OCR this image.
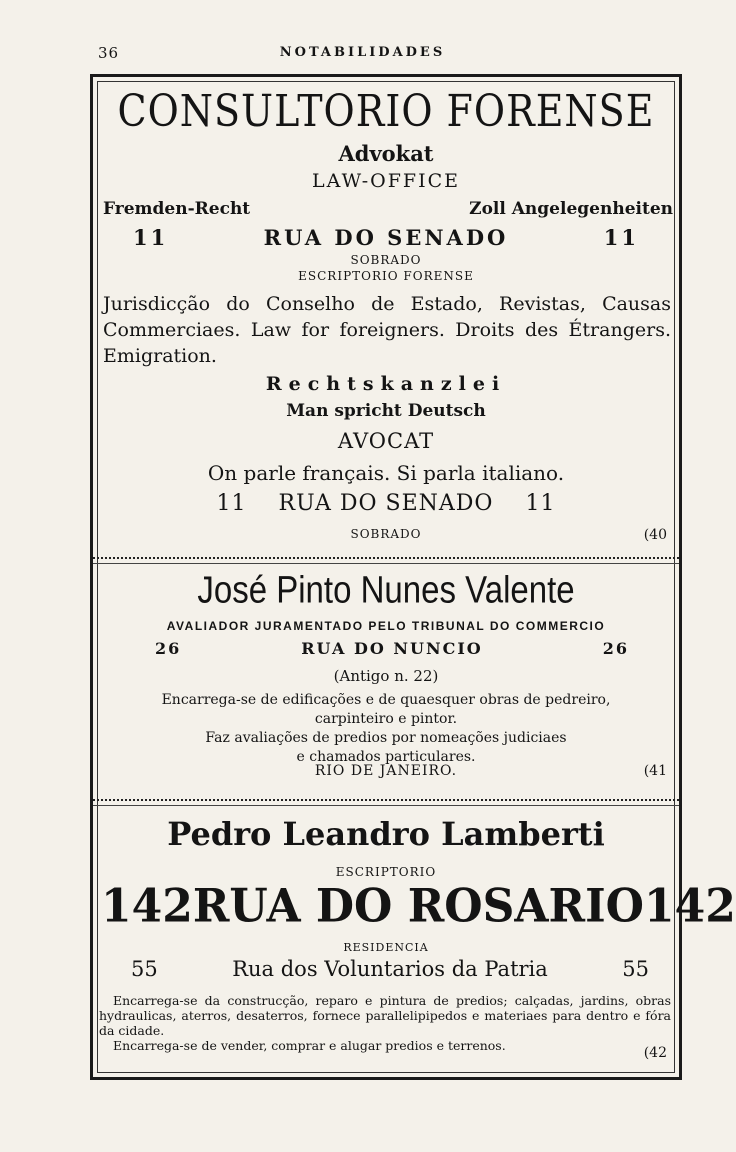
36	NOTABILIDADES
CONSULTORIO FORENSE
Advokat
LAW-OFFICE
Fremden-Recht	Zoll Angelegenheiten
11	RUA DO SENADO	11
SOBRADO
ESCRIPTORIO FORENSE
Jurisdicção do Conselho de Estado, Revistas, Causas Commerciaes. Law for foreigners. Droits des Étrangers. Emigration.
Rechtskanzlei
Man spricht Deutsch
AVOCAT
On parle français. Si parla italiano.
11 RUA DO SENADO 11
SOBRADO	(40
José Pinto Nunes Valente
AVALIADOR JURAMENTADO PELO TRIBUNAL DO COMMERCIO
26	RUA DO NUNCIO	26
(Antigo n. 22)
Encarrega-se de edificações e de quaesquer obras de pedreiro,
carpinteiro e pintor.
Faz avaliações de predios por nomeações judiciaes
e chamados particulares.
RIO DE JANEIRO.	(41
Pedro Leandro Lamberti
ESCRIPTORIO
142 RUA DO ROSARIO 142
RESIDENCIA
55	Rua dos Voluntarios da Patria	55

Encarrega-se da construcção, reparo e pintura de predios; calçadas, jardins, obras hydraulicas, aterros, desaterros, fornece parallelipipedos e materiaes para dentro e fóra da cidade.

Encarrega-se de vender, comprar e alugar predios e terrenos.	(42
